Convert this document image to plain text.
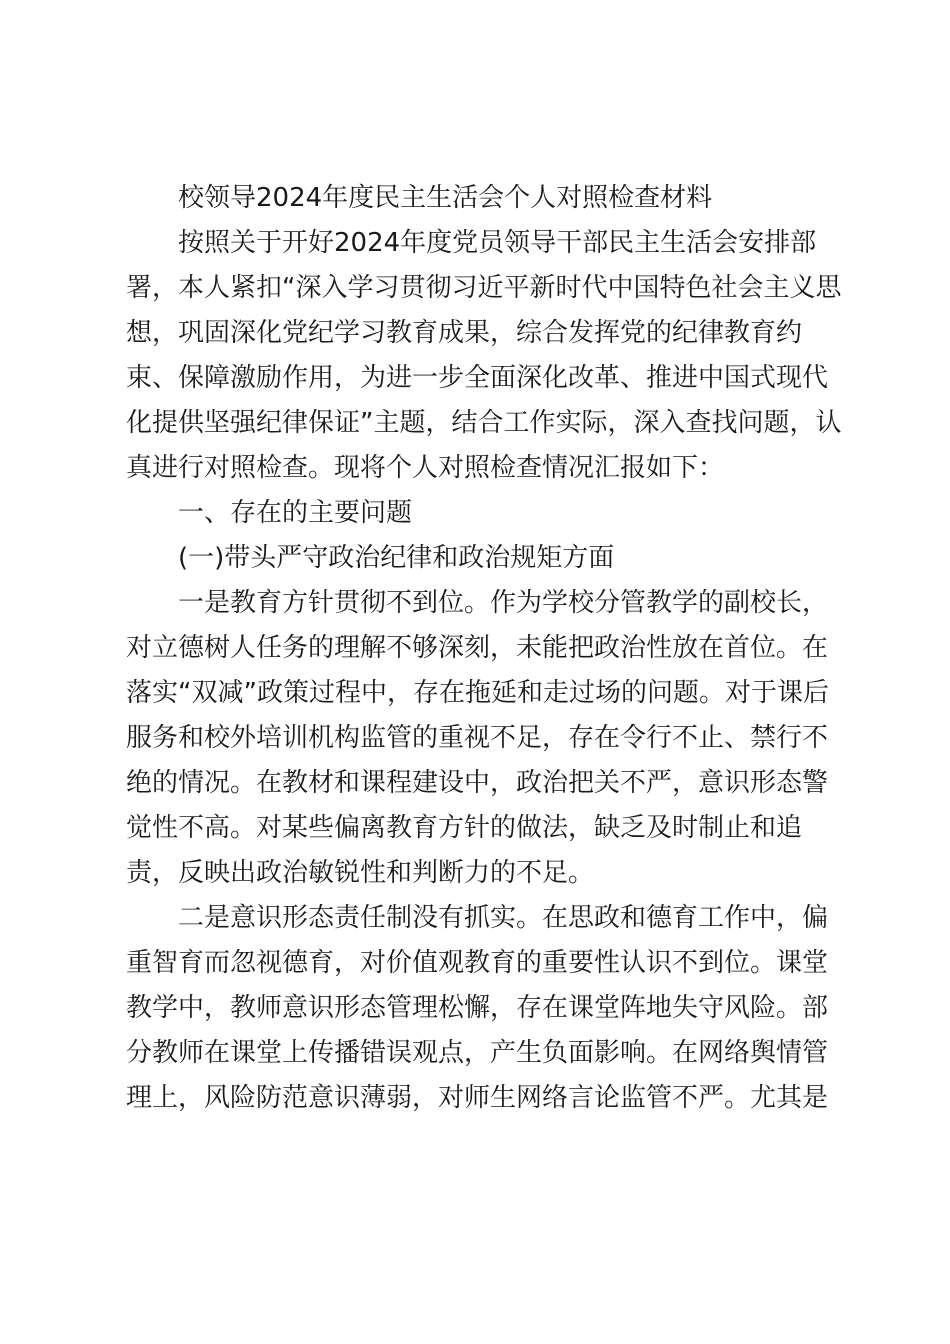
校领导2024年度民主生活会个人对照检查材料
按照关于开好2024年度党员领导干部民主生活会安排部
署，本人紧扣“深入学习贯彻习近平新时代中国特色社会主义思
想，巩固深化党纪学习教育成果，综合发挥党的纪律教育约
束、保障激励作用，为进一步全面深化改革、推进中国式现代
化提供坚强纪律保证”主题，结合工作实际，深入查找问题，认
真进行对照检查。现将个人对照检查情况汇报如下：
一、存在的主要问题
(一)带头严守政治纪律和政治规矩方面
一是教育方针贯彻不到位。作为学校分管教学的副校长，
对立德树人任务的理解不够深刻，未能把政治性放在首位。在
落实“双减”政策过程中，存在拖延和走过场的问题。对于课后
服务和校外培训机构监管的重视不足，存在令行不止、禁行不
绝的情况。在教材和课程建设中，政治把关不严，意识形态警
觉性不高。对某些偏离教育方针的做法，缺乏及时制止和追
责，反映出政治敏锐性和判断力的不足。
二是意识形态责任制没有抓实。在思政和德育工作中，偏
重智育而忽视德育，对价值观教育的重要性认识不到位。课堂
教学中，教师意识形态管理松懈，存在课堂阵地失守风险。部
分教师在课堂上传播错误观点，产生负面影响。在网络舆情管
理上，风险防范意识薄弱，对师生网络言论监管不严。尤其是
